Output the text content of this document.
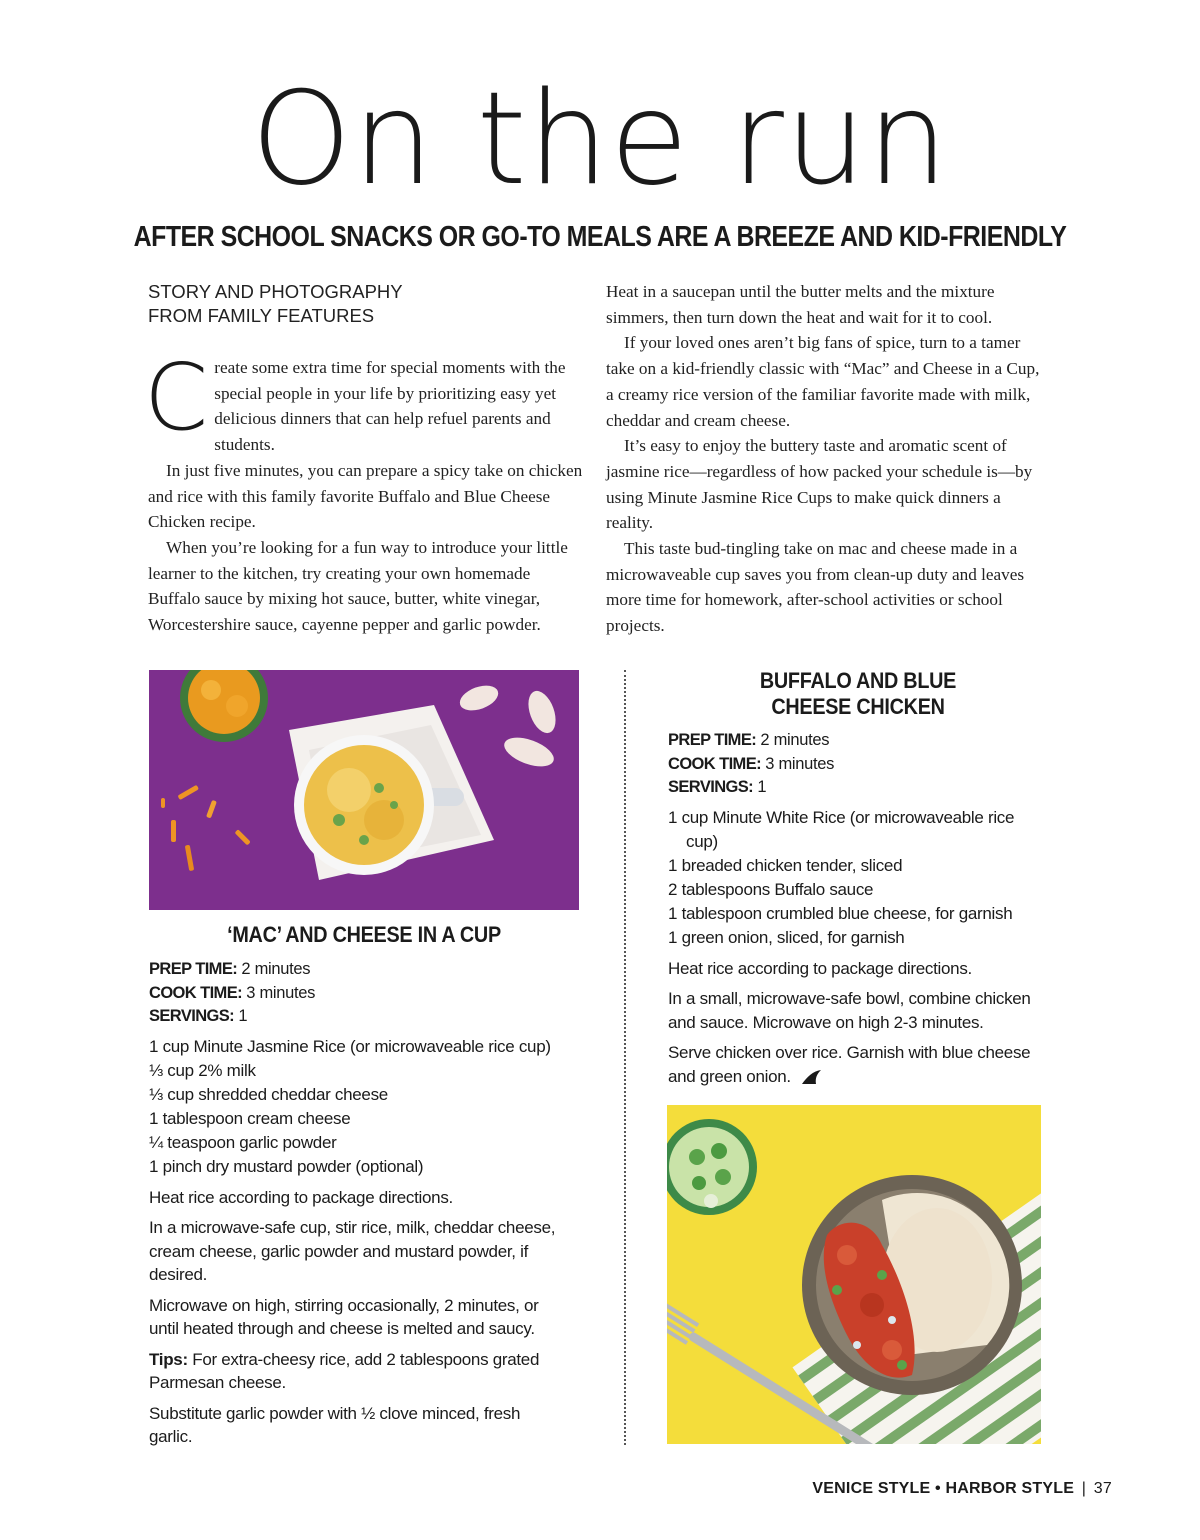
On the run
AFTER SCHOOL SNACKS OR GO-TO MEALS ARE A BREEZE AND KID-FRIENDLY
STORY AND PHOTOGRAPHY
FROM FAMILY FEATURES

Create some extra time for special moments with the special people in your life by prioritizing easy yet delicious dinners that can help refuel parents and students.

In just five minutes, you can prepare a spicy take on chicken and rice with this family favorite Buffalo and Blue Cheese Chicken recipe.

When you’re looking for a fun way to introduce your little learner to the kitchen, try creating your own homemade Buffalo sauce by mixing hot sauce, butter, white vinegar, Worcestershire sauce, cayenne pepper and garlic powder.

Heat in a saucepan until the butter melts and the mixture simmers, then turn down the heat and wait for it to cool.

If your loved ones aren’t big fans of spice, turn to a tamer take on a kid-friendly classic with “Mac” and Cheese in a Cup, a creamy rice version of the familiar favorite made with milk, cheddar and cream cheese.

It’s easy to enjoy the buttery taste and aromatic scent of jasmine rice—regardless of how packed your schedule is—by using Minute Jasmine Rice Cups to make quick dinners a reality.

This taste bud-tingling take on mac and cheese made in a microwaveable cup saves you from clean-up duty and leaves more time for homework, after-school activities or school projects.

‘MAC’ AND CHEESE IN A CUP
PREP TIME: 2 minutes
COOK TIME: 3 minutes
SERVINGS: 1
1 cup Minute Jasmine Rice (or microwaveable rice cup)
⅓ cup 2% milk
⅓ cup shredded cheddar cheese
1 tablespoon cream cheese
¼ teaspoon garlic powder
1 pinch dry mustard powder (optional)
Heat rice according to package directions.
In a microwave-safe cup, stir rice, milk, cheddar cheese, cream cheese, garlic powder and mustard powder, if desired.
Microwave on high, stirring occasionally, 2 minutes, or until heated through and cheese is melted and saucy.
Tips: For extra-cheesy rice, add 2 tablespoons grated Parmesan cheese.
Substitute garlic powder with ½ clove minced, fresh garlic.
BUFFALO AND BLUE
CHEESE CHICKEN
PREP TIME: 2 minutes
COOK TIME: 3 minutes
SERVINGS: 1
1 cup Minute White Rice (or microwaveable rice cup)
1 breaded chicken tender, sliced
2 tablespoons Buffalo sauce
1 tablespoon crumbled blue cheese, for garnish
1 green onion, sliced, for garnish
Heat rice according to package directions.
In a small, microwave-safe bowl, combine chicken and sauce. Microwave on high 2-3 minutes.
Serve chicken over rice. Garnish with blue cheese and green onion.
VENICE STYLE • HARBOR STYLE | 37
